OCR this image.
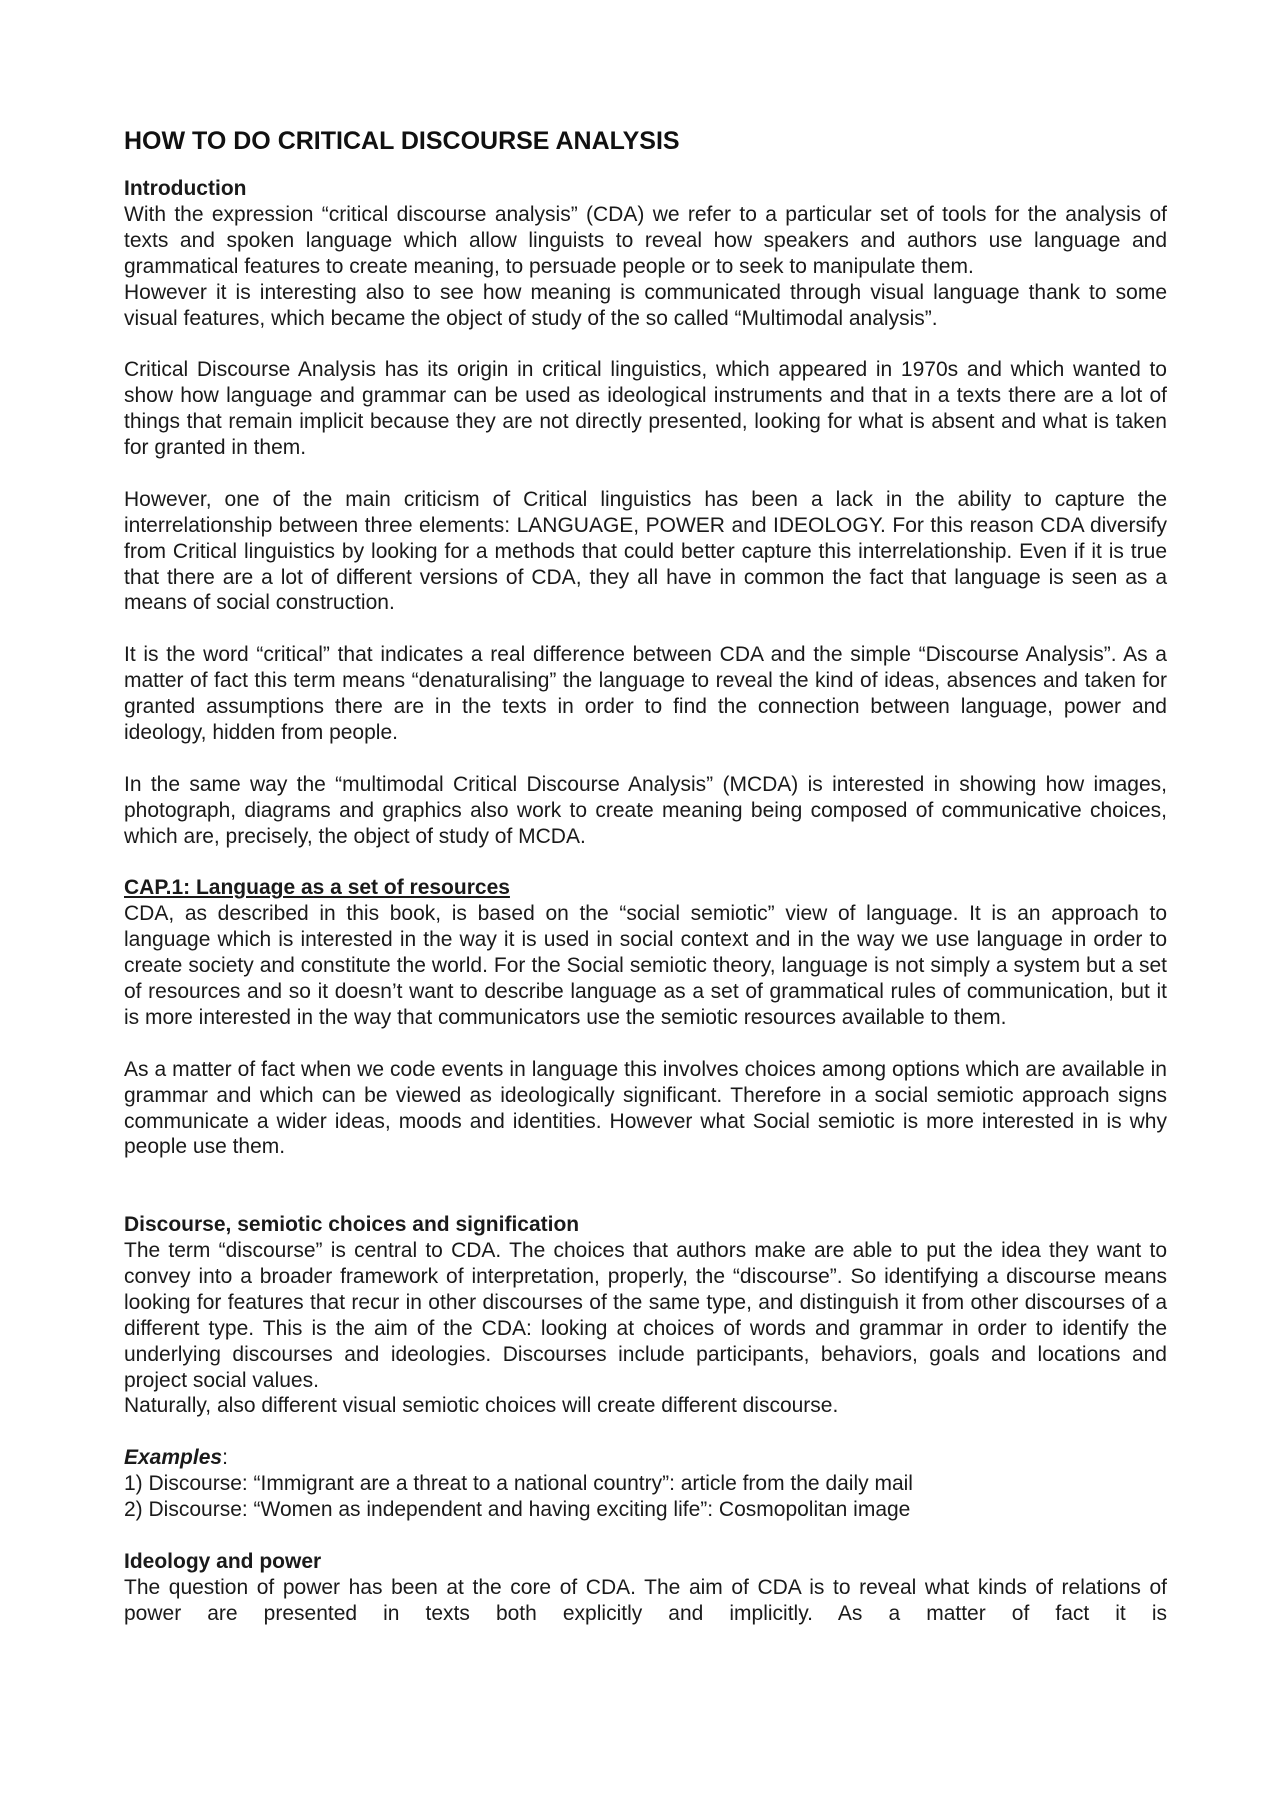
HOW TO DO CRITICAL DISCOURSE ANALYSIS
Introduction

With the expression “critical discourse analysis” (CDA) we refer to a particular set of tools for the analysis of texts and spoken language which allow linguists to reveal how speakers and authors use language and grammatical features to create meaning, to persuade people or to seek to manipulate them.

However it is interesting also to see how meaning is communicated through visual language thank to some visual features, which became the object of study of the so called “Multimodal analysis”.

Critical Discourse Analysis has its origin in critical linguistics, which appeared in 1970s and which wanted to show how language and grammar can be used as ideological instruments and that in a texts there are a lot of things that remain implicit because they are not directly presented, looking for what is absent and what is taken for granted in them.

However, one of the main criticism of Critical linguistics has been a lack in the ability to capture the interrelationship between three elements: LANGUAGE, POWER and IDEOLOGY. For this reason CDA diversify from Critical linguistics by looking for a methods that could better capture this interrelationship. Even if it is true that there are a lot of different versions of CDA, they all have in common the fact that language is seen as a means of social construction.

It is the word “critical” that indicates a real difference between CDA and the simple “Discourse Analysis”. As a matter of fact this term means “denaturalising” the language to reveal the kind of ideas, absences and taken for granted assumptions there are in the texts in order to find the connection between language, power and ideology, hidden from people.

In the same way the “multimodal Critical Discourse Analysis” (MCDA) is interested in showing how images, photograph, diagrams and graphics also work to create meaning being composed of communicative choices, which are, precisely, the object of study of MCDA.

CAP.1: Language as a set of resources

CDA, as described in this book, is based on the “social semiotic” view of language. It is an approach to language which is interested in the way it is used in social context and in the way we use language in order to create society and constitute the world. For the Social semiotic theory, language is not simply a system but a set of resources and so it doesn’t want to describe language as a set of grammatical rules of communication, but it is more interested in the way that communicators use the semiotic resources available to them.

As a matter of fact when we code events in language this involves choices among options which are available in grammar and which can be viewed as ideologically significant. Therefore in a social semiotic approach signs communicate a wider ideas, moods and identities. However what Social semiotic is more interested in is why people use them.

Discourse, semiotic choices and signification

The term “discourse” is central to CDA. The choices that authors make are able to put the idea they want to convey into a broader framework of interpretation, properly, the “discourse”. So identifying a discourse means looking for features that recur in other discourses of the same type, and distinguish it from other discourses of a different type. This is the aim of the CDA: looking at choices of words and grammar in order to identify the underlying discourses and ideologies. Discourses include participants, behaviors, goals and locations and project social values.

Naturally, also different visual semiotic choices will create different discourse.

Examples:
1) Discourse: “Immigrant are a threat to a national country”: article from the daily mail
2) Discourse: “Women as independent and having exciting life”: Cosmopolitan image
Ideology and power

The question of power has been at the core of CDA. The aim of CDA is to reveal what kinds of relations of power are presented in texts both explicitly and implicitly. As a matter of fact it is
